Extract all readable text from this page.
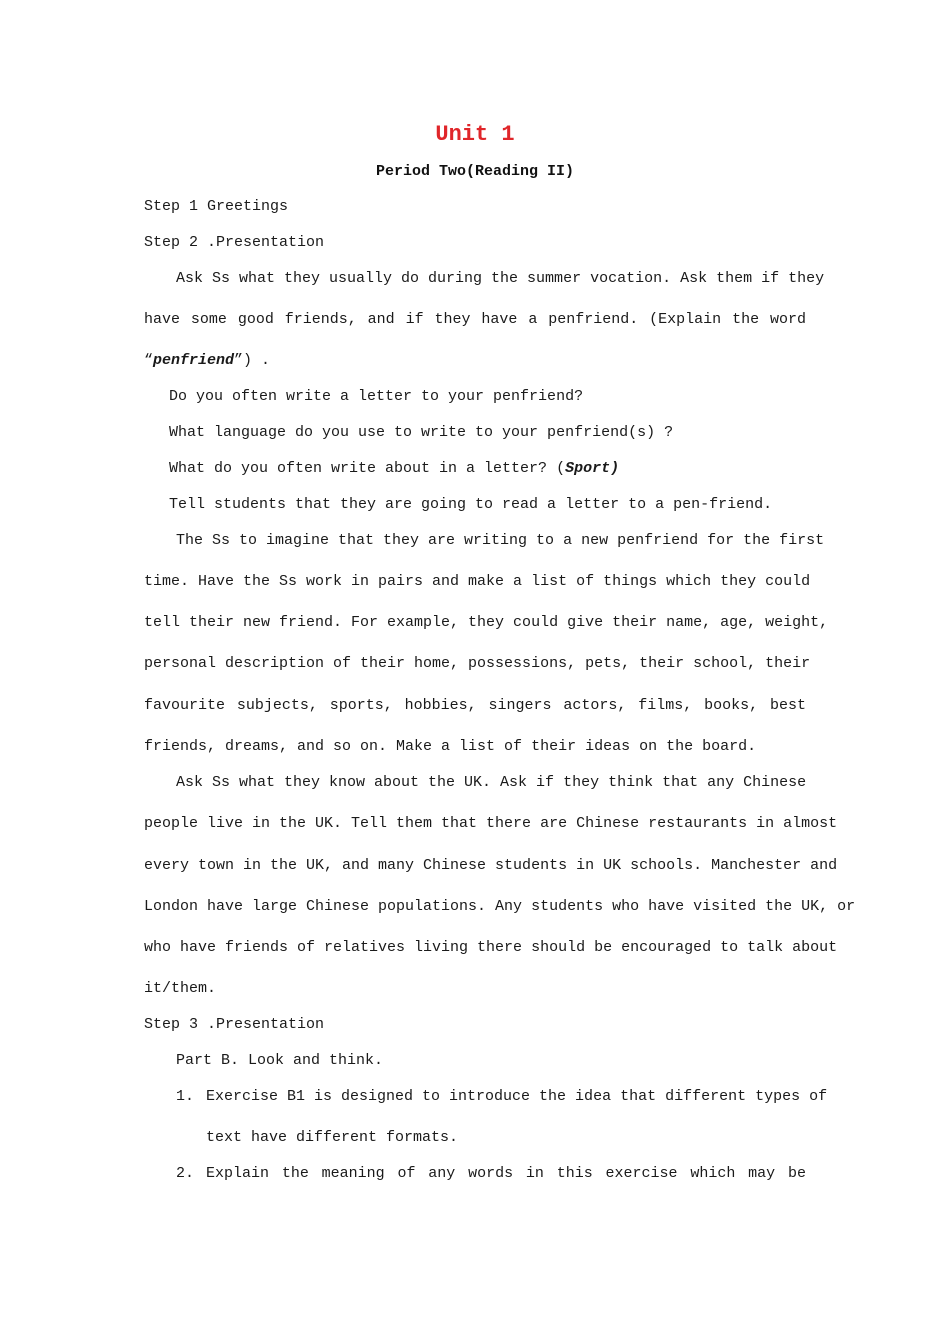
Unit 1
Period Two(Reading II)
Step 1 Greetings
Step 2 .Presentation
Ask Ss what they usually do during the summer vocation. Ask them if they
have some good friends, and if they have a penfriend. (Explain the word
“penfriend”) .
Do you often write a letter to your penfriend?
What language do you use to write to your penfriend(s) ?
What do you often write about in a letter? (Sport)
Tell students that they are going to read a letter to a pen-friend.
The Ss to imagine that they are writing to a new penfriend for the first
time. Have the Ss work in pairs and make a list of things which they could
tell their new friend. For example, they could give their name, age, weight,
personal description of their home, possessions, pets, their school, their
favourite subjects, sports, hobbies, singers actors, films, books, best
friends, dreams, and so on. Make a list of their ideas on the board.
Ask Ss what they know about the UK. Ask if they think that any Chinese
people live in the UK. Tell them that there are Chinese restaurants in almost
every town in the UK, and many Chinese students in UK schools. Manchester and
London have large Chinese populations. Any students who have visited the UK, or
who have friends of relatives living there should be encouraged to talk about
it/them.
Step 3 .Presentation
Part B. Look and think.
1. Exercise B1 is designed to introduce the idea that different types of
text have different formats.
2. Explain the meaning of any words in this exercise which may be
